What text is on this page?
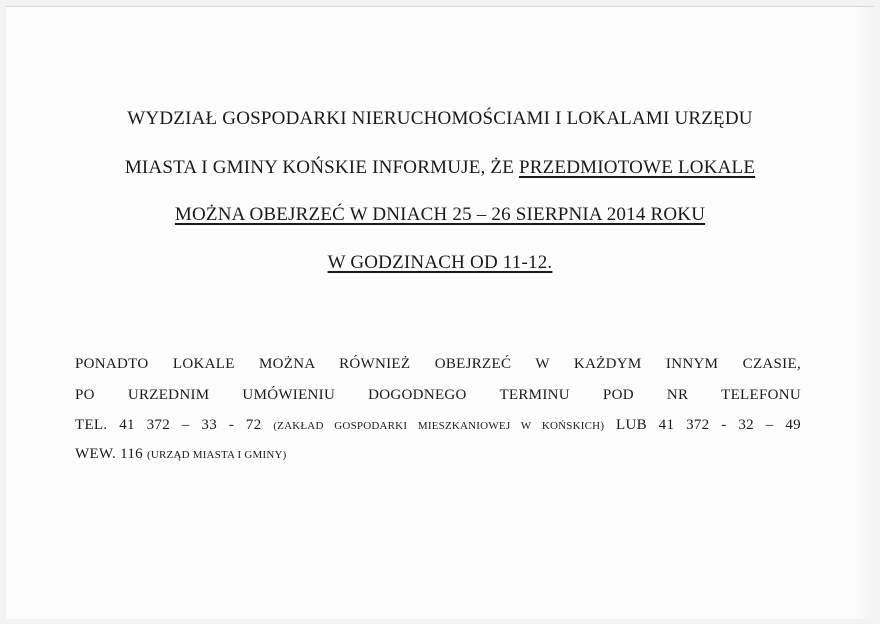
WYDZIAŁ GOSPODARKI NIERUCHOMOŚCIAMI I LOKALAMI URZĘDU
MIASTA I GMINY KOŃSKIE INFORMUJE, ŻE PRZEDMIOTOWE LOKALE
MOŻNA OBEJRZEĆ W DNIACH 25 – 26 SIERPNIA 2014 ROKU
W GODZINACH OD 11-12.
PONADTO LOKALE MOŻNA RÓWNIEŻ OBEJRZEĆ W KAŻDYM INNYM CZASIE,
PO URZEDNIM UMÓWIENIU DOGODNEGO TERMINU POD NR TELEFONU
TEL. 41 372 – 33 - 72 (ZAKŁAD GOSPODARKI MIESZKANIOWEJ W KOŃSKICH) LUB 41 372 - 32 – 49
WEW. 116 (URZĄD MIASTA I GMINY)
